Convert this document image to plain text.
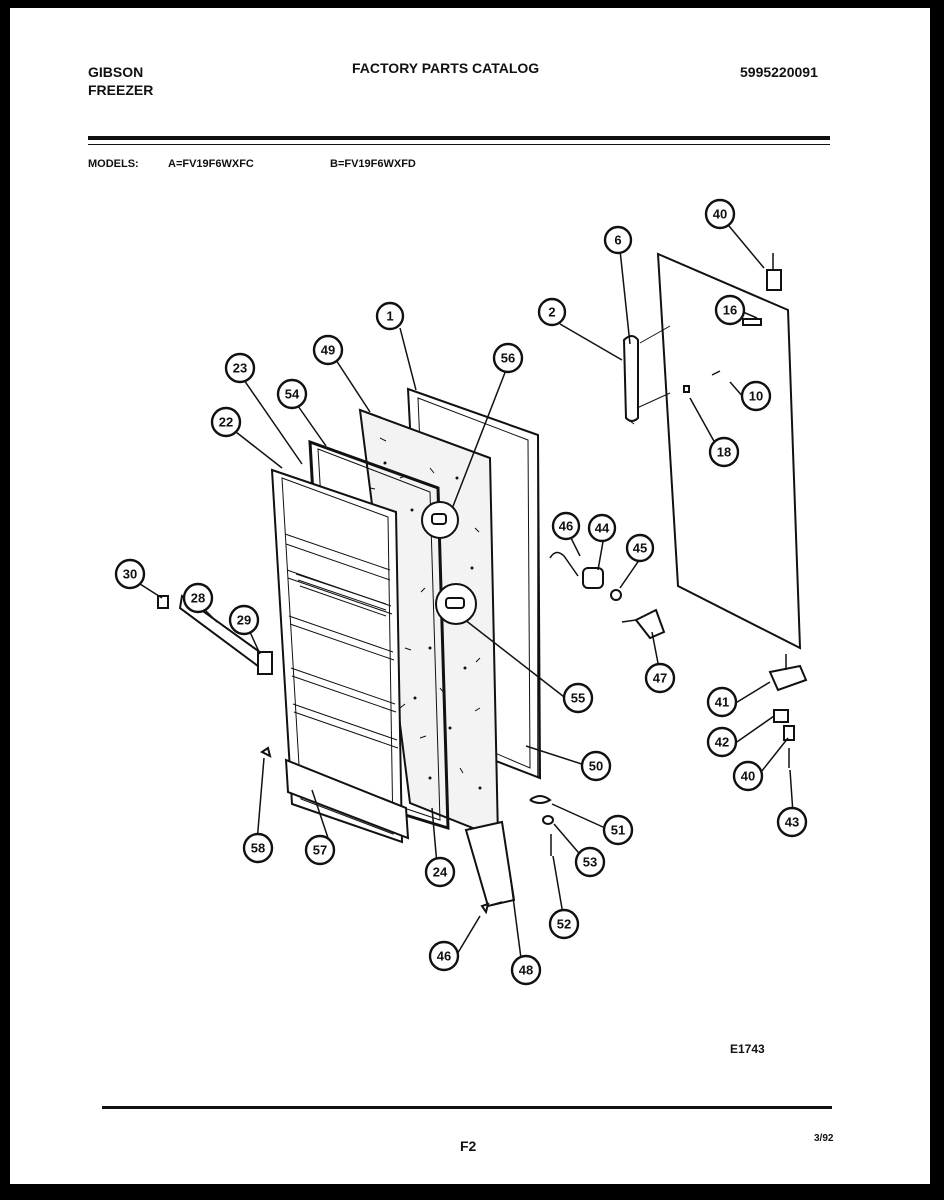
GIBSON
FREEZER
FACTORY PARTS CATALOG	5995220091
MODELS:	A=FV19F6WXFC	B=FV19F6WXFD
1	2
6
10
16
18
22
23
24
28
29
30
40
40
41
42
43
44
45
46
46
47
48
49
50
51
52
53
54
55
56
57
58
E1743
F2	3/92
